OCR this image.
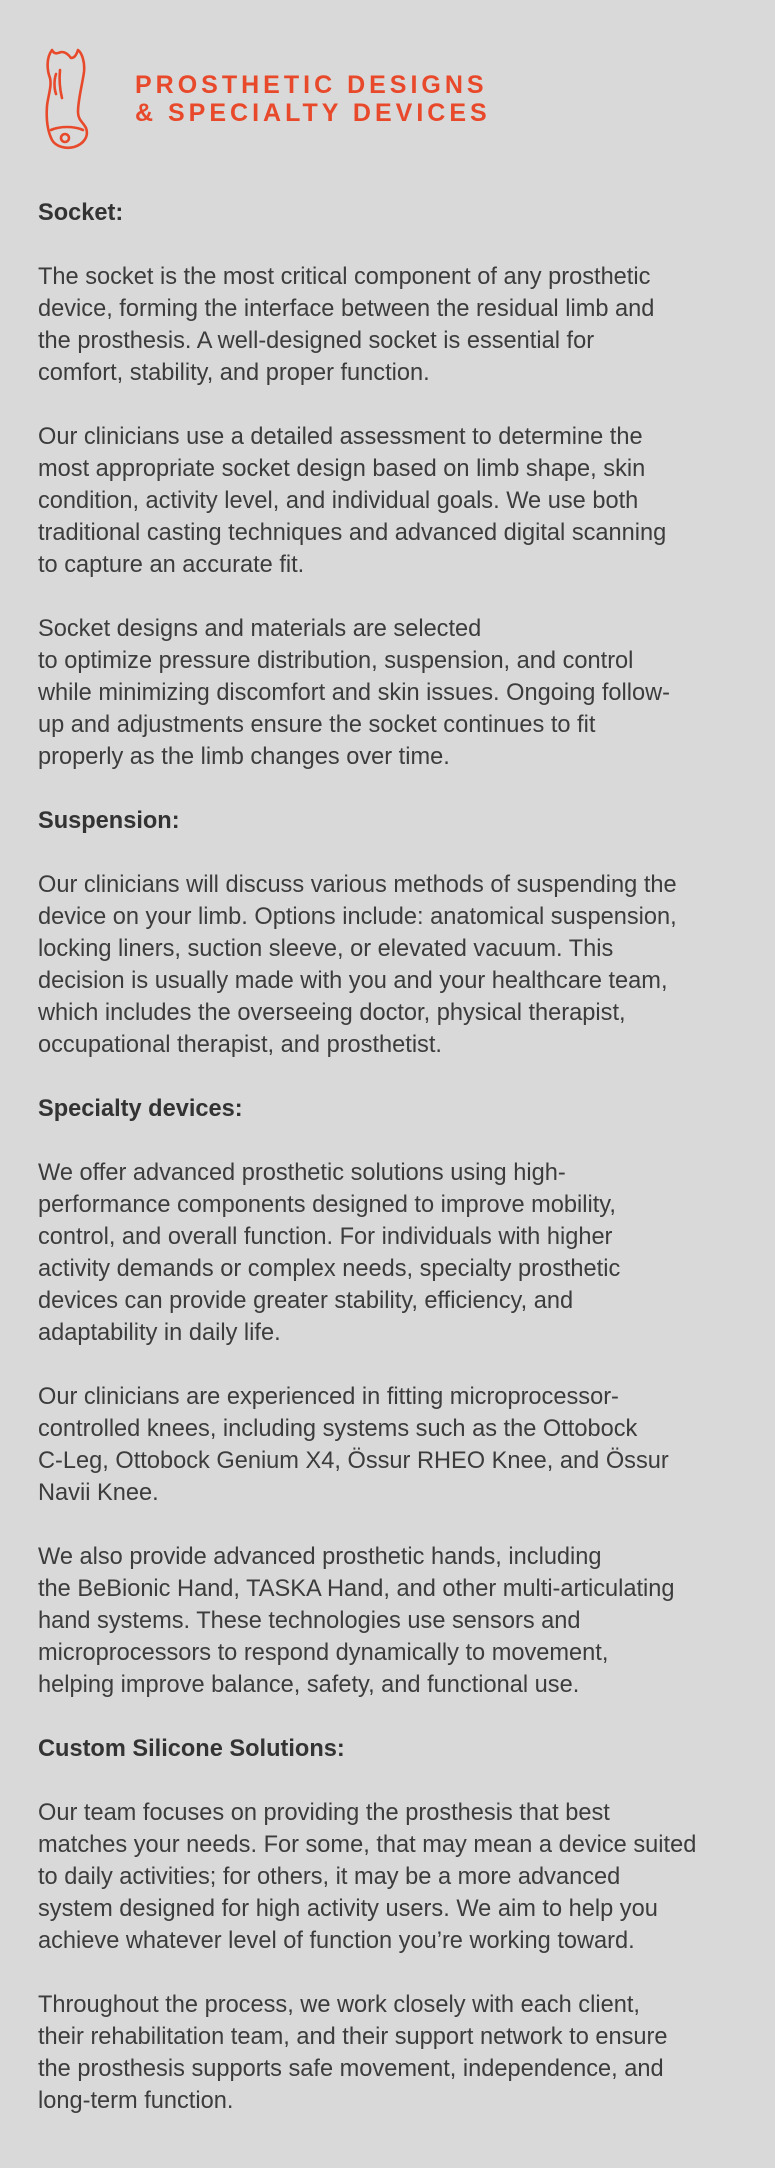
PROSTHETIC DESIGNS
& SPECIALTY DEVICES
Socket:

The socket is the most critical component of any prosthetic
device, forming the interface between the residual limb and
the prosthesis. A well-designed socket is essential for
comfort, stability, and proper function.

Our clinicians use a detailed assessment to determine the
most appropriate socket design based on limb shape, skin
condition, activity level, and individual goals. We use both
traditional casting techniques and advanced digital scanning
to capture an accurate fit.

Socket designs and materials are selected
to optimize pressure distribution, suspension, and control
while minimizing discomfort and skin issues. Ongoing follow-
up and adjustments ensure the socket continues to fit
properly as the limb changes over time.

Suspension:

Our clinicians will discuss various methods of suspending the
device on your limb. Options include: anatomical suspension,
locking liners, suction sleeve, or elevated vacuum. This
decision is usually made with you and your healthcare team,
which includes the overseeing doctor, physical therapist,
occupational therapist, and prosthetist.

Specialty devices:

We offer advanced prosthetic solutions using high-
performance components designed to improve mobility,
control, and overall function. For individuals with higher
activity demands or complex needs, specialty prosthetic
devices can provide greater stability, efficiency, and
adaptability in daily life.

Our clinicians are experienced in fitting microprocessor-
controlled knees, including systems such as the Ottobock
C-Leg, Ottobock Genium X4, Össur RHEO Knee, and Össur
Navii Knee.

We also provide advanced prosthetic hands, including
the BeBionic Hand, TASKA Hand, and other multi-articulating
hand systems. These technologies use sensors and
microprocessors to respond dynamically to movement,
helping improve balance, safety, and functional use.

Custom Silicone Solutions:

Our team focuses on providing the prosthesis that best
matches your needs. For some, that may mean a device suited
to daily activities; for others, it may be a more advanced
system designed for high activity users. We aim to help you
achieve whatever level of function you’re working toward.

Throughout the process, we work closely with each client,
their rehabilitation team, and their support network to ensure
the prosthesis supports safe movement, independence, and
long-term function.
